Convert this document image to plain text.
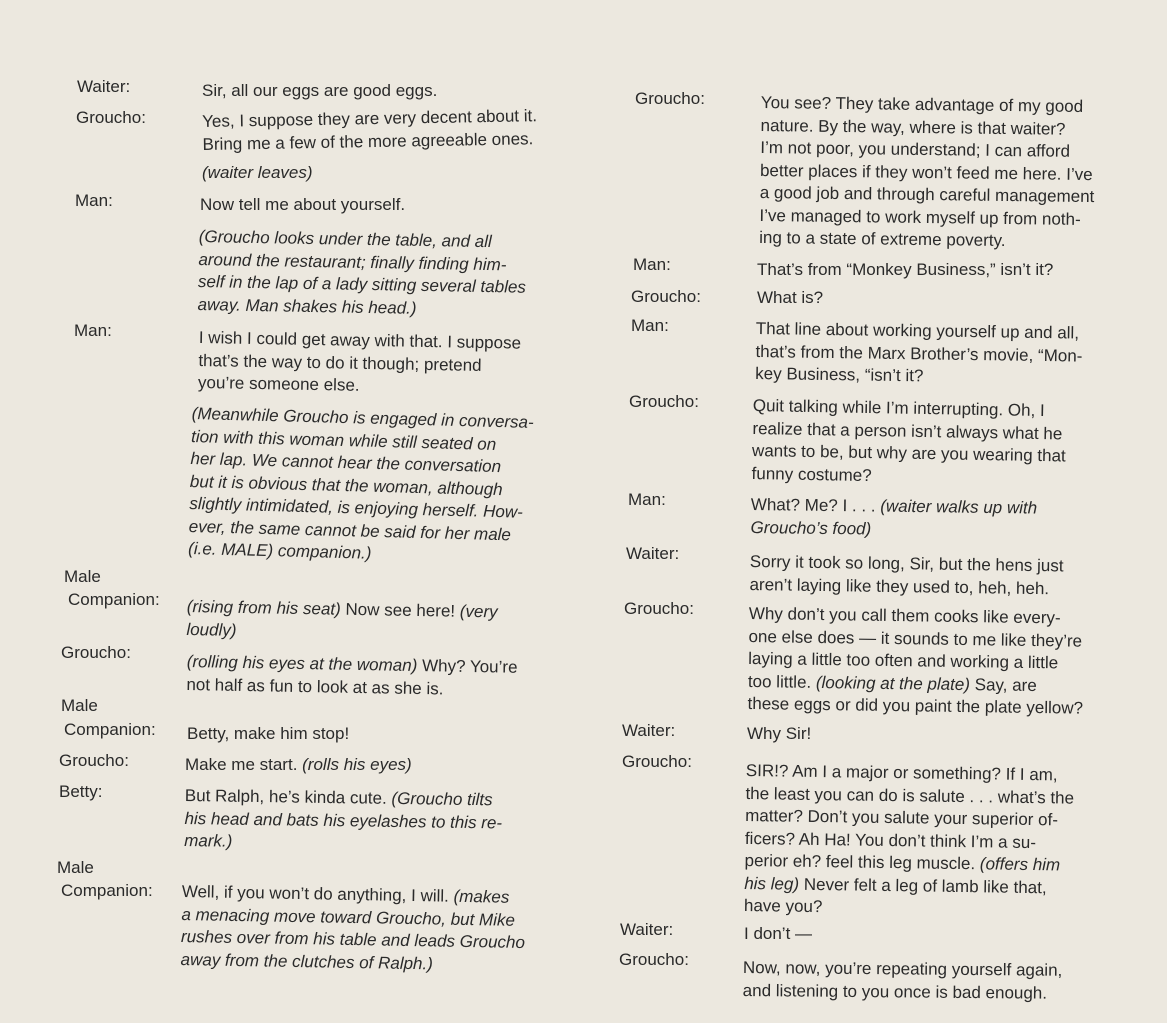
Waiter:	Sir, all our eggs are good eggs.
Groucho:	Yes, I suppose they are very decent about it.
Bring me a few of the more agreeable ones.
(waiter leaves)
Man:	Now tell me about yourself.
(Groucho looks under the table, and all
around the restaurant; finally finding him-
self in the lap of a lady sitting several tables
away. Man shakes his head.)
Man:	I wish I could get away with that. I suppose
that’s the way to do it though; pretend
you’re someone else.
(Meanwhile Groucho is engaged in conversa-
tion with this woman while still seated on
her lap. We cannot hear the conversation
but it is obvious that the woman, although
slightly intimidated, is enjoying herself. How-
ever, the same cannot be said for her male
(i.e. MALE) companion.)
Male
Companion: (rising from his seat) Now see here! (very
loudly)
Groucho:	(rolling his eyes at the woman) Why? You’re
not half as fun to look at as she is.
Male
Companion: Betty, make him stop!
Groucho:	Make me start. (rolls his eyes)
Betty:	But Ralph, he’s kinda cute. (Groucho tilts
his head and bats his eyelashes to this re-
mark.)
Male
Companion: Well, if you won’t do anything, I will. (makes
a menacing move toward Groucho, but Mike
rushes over from his table and leads Groucho
away from the clutches of Ralph.)
Groucho:	You see? They take advantage of my good
nature. By the way, where is that waiter?
I’m not poor, you understand; I can afford
better places if they won’t feed me here. I’ve
a good job and through careful management
I’ve managed to work myself up from noth-
ing to a state of extreme poverty.
Man:	That’s from “Monkey Business,” isn’t it?
Groucho:	What is?
Man:	That line about working yourself up and all,
that’s from the Marx Brother’s movie, “Mon-
key Business, “isn’t it?
Groucho:	Quit talking while I’m interrupting. Oh, I
realize that a person isn’t always what he
wants to be, but why are you wearing that
funny costume?
Man:	What? Me? I . . . (waiter walks up with
Groucho’s food)
Waiter:	Sorry it took so long, Sir, but the hens just
aren’t laying like they used to, heh, heh.
Groucho:	Why don’t you call them cooks like every-
one else does — it sounds to me like they’re
laying a little too often and working a little
too little. (looking at the plate) Say, are
these eggs or did you paint the plate yellow?
Waiter:	Why Sir!
Groucho:	SIR!? Am I a major or something? If I am,
the least you can do is salute . . . what’s the
matter? Don’t you salute your superior of-
ficers? Ah Ha! You don’t think I’m a su-
perior eh? feel this leg muscle. (offers him
his leg) Never felt a leg of lamb like that,
have you?
Waiter:	I don’t —
Groucho:	Now, now, you’re repeating yourself again,
and listening to you once is bad enough.
